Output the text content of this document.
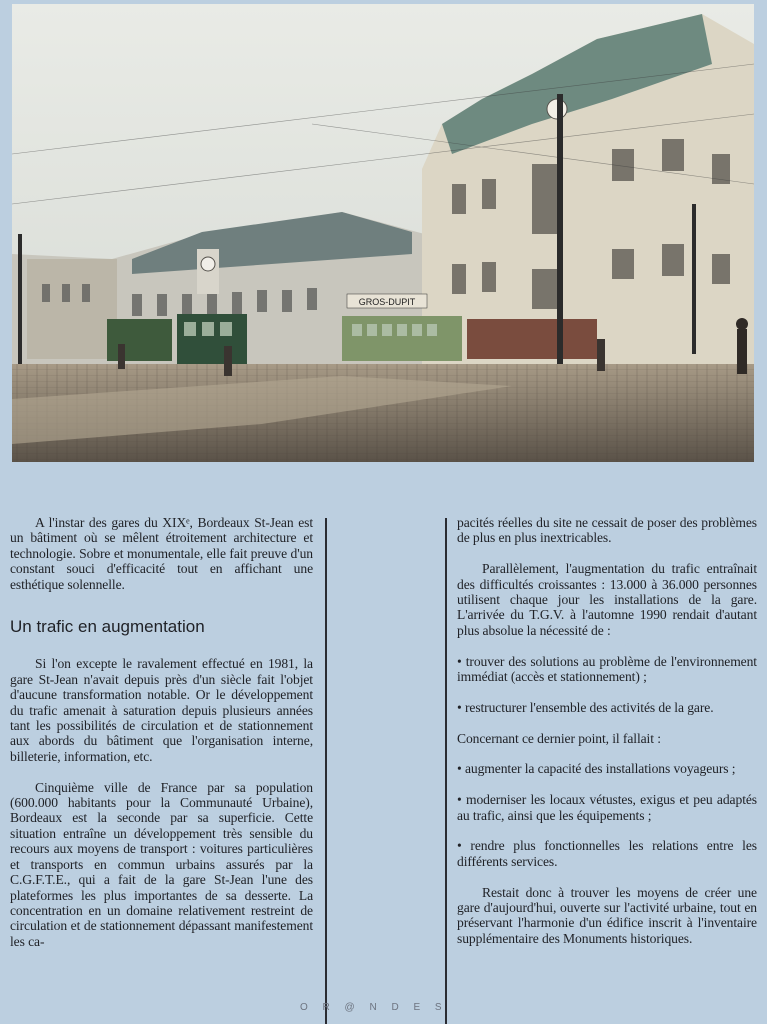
GROS-DUPIT

A l'instar des gares du XIXᵉ, Bordeaux St-Jean est un bâtiment où se mêlent étroitement architecture et technologie. Sobre et monumentale, elle fait preuve d'un constant souci d'efficacité tout en affichant une esthétique solennelle.

Un trafic en augmentation

Si l'on excepte le ravalement effectué en 1981, la gare St-Jean n'avait depuis près d'un siècle fait l'objet d'aucune transformation notable. Or le développement du trafic amenait à saturation depuis plusieurs années tant les possibilités de circulation et de stationnement aux abords du bâtiment que l'organisation interne, billeterie, information, etc.

Cinquième ville de France par sa population (600.000 habitants pour la Communauté Urbaine), Bordeaux est la seconde par sa superficie. Cette situation entraîne un développement très sensible du recours aux moyens de transport : voitures particulières et transports en commun urbains assurés par la C.G.F.T.E., qui a fait de la gare St-Jean l'une des plateformes les plus importantes de sa desserte. La concentration en un domaine relativement restreint de circulation et de stationnement dépassant manifestement les ca-

pacités réelles du site ne cessait de poser des problèmes de plus en plus inextricables.

Parallèlement, l'augmentation du trafic entraînait des difficultés croissantes : 13.000 à 36.000 personnes utilisent chaque jour les installations de la gare. L'arrivée du T.G.V. à l'automne 1990 rendait d'autant plus absolue la nécessité de :

• trouver des solutions au problème de l'environnement immédiat (accès et stationnement) ;

• restructurer l'ensemble des activités de la gare.

Concernant ce dernier point, il fallait :

• augmenter la capacité des installations voyageurs ;

• moderniser les locaux vétustes, exigus et peu adaptés au trafic, ainsi que les équipements ;

• rendre plus fonctionnelles les relations entre les différents services.

Restait donc à trouver les moyens de créer une gare d'aujourd'hui, ouverte sur l'activité urbaine, tout en préservant l'harmonie d'un édifice inscrit à l'inventaire supplémentaire des Monuments historiques.

O R @ N D E S
